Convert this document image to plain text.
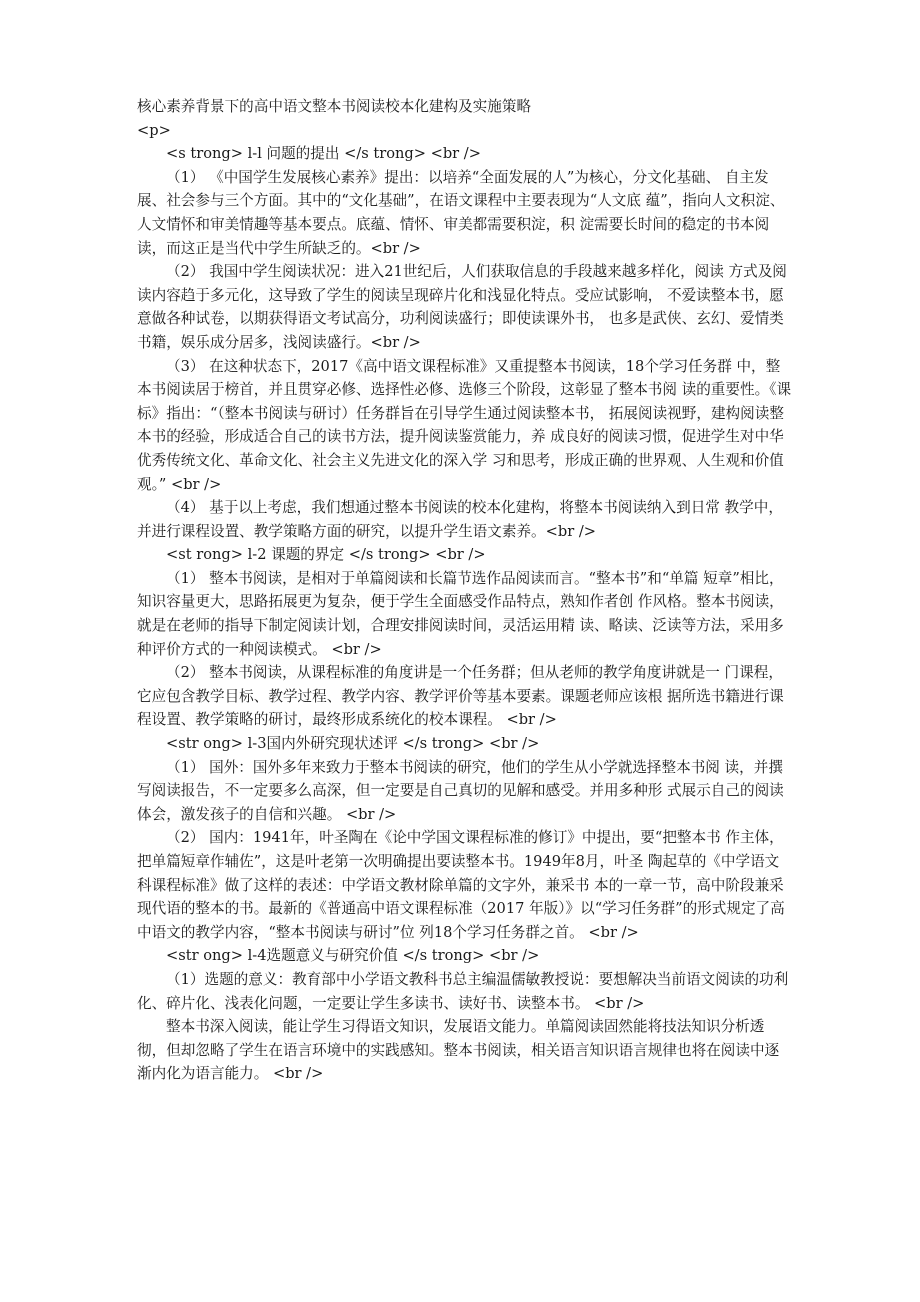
核心素养背景下的高中语文整本书阅读校本化建构及实施策略

<p>

<s trong> l-l 问题的提出 </s trong> <br />

（1） 《中国学生发展核心素养》提出：以培养“全面发展的人”为核心，分文化基础、 自主发展、社会参与三个方面。其中的“文化基础”，在语文课程中主要表现为“人文底 蕴”，指向人文积淀、人文情怀和审美情趣等基本要点。底蕴、情怀、审美都需要积淀，积 淀需要长时间的稳定的书本阅读，而这正是当代中学生所缺乏的。<br />

（2） 我国中学生阅读状况：进入21世纪后，人们获取信息的手段越来越多样化，阅读 方式及阅读内容趋于多元化，这导致了学生的阅读呈现碎片化和浅显化特点。受应试影响， 不爱读整本书，愿意做各种试卷，以期获得语文考试高分，功利阅读盛行；即使读课外书， 也多是武侠、玄幻、爱情类书籍，娱乐成分居多，浅阅读盛行。<br />

（3） 在这种状态下，2017《高中语文课程标准》又重提整本书阅读，18个学习任务群 中，整本书阅读居于榜首，并且贯穿必修、选择性必修、选修三个阶段，这彰显了整本书阅 读的重要性。《课标》指出：“（整本书阅读与研讨）任务群旨在引导学生通过阅读整本书， 拓展阅读视野，建构阅读整本书的经验，形成适合自己的读书方法，提升阅读鉴赏能力，养 成良好的阅读习惯，促进学生对中华优秀传统文化、革命文化、社会主义先进文化的深入学 习和思考，形成正确的世界观、人生观和价值观。” <br />

（4） 基于以上考虑，我们想通过整本书阅读的校本化建构，将整本书阅读纳入到日常 教学中，并进行课程设置、教学策略方面的研究，以提升学生语文素养。<br />

<st rong> l-2 课题的界定 </s trong> <br />

（1） 整本书阅读，是相对于单篇阅读和长篇节选作品阅读而言。“整本书”和“单篇 短章”相比，知识容量更大，思路拓展更为复杂，便于学生全面感受作品特点，熟知作者创 作风格。整本书阅读，就是在老师的指导下制定阅读计划，合理安排阅读时间，灵活运用精 读、略读、泛读等方法，采用多种评价方式的一种阅读模式。 <br />

（2） 整本书阅读，从课程标准的角度讲是一个任务群；但从老师的教学角度讲就是一 门课程，它应包含教学目标、教学过程、教学内容、教学评价等基本要素。课题老师应该根 据所选书籍进行课程设置、教学策略的研讨，最终形成系统化的校本课程。 <br />

<str ong> l-3国内外研究现状述评 </s trong> <br />

（1） 国外：国外多年来致力于整本书阅读的研究，他们的学生从小学就选择整本书阅 读，并撰写阅读报告，不一定要多么高深，但一定要是自己真切的见解和感受。并用多种形 式展示自己的阅读体会，激发孩子的自信和兴趣。 <br />

（2） 国内：1941年，叶圣陶在《论中学国文课程标准的修订》中提出，要“把整本书 作主体，把单篇短章作辅佐”，这是叶老第一次明确提出要读整本书。1949年8月，叶圣 陶起草的《中学语文科课程标准》做了这样的表述：中学语文教材除单篇的文字外，兼采书 本的一章一节，高中阶段兼采现代语的整本的书。最新的《普通高中语文课程标准（2017 年版）》以“学习任务群”的形式规定了高中语文的教学内容，“整本书阅读与研讨”位 列18个学习任务群之首。 <br />

<str ong> l-4选题意义与研究价值 </s trong> <br />

（1）选题的意义：教育部中小学语文教科书总主编温儒敏教授说：要想解决当前语文阅读的功利化、碎片化、浅表化问题，一定要让学生多读书、读好书、读整本书。 <br />

整本书深入阅读，能让学生习得语文知识，发展语文能力。单篇阅读固然能将技法知识分析透彻，但却忽略了学生在语言环境中的实践感知。整本书阅读，相关语言知识语言规律也将在阅读中逐渐内化为语言能力。 <br />
